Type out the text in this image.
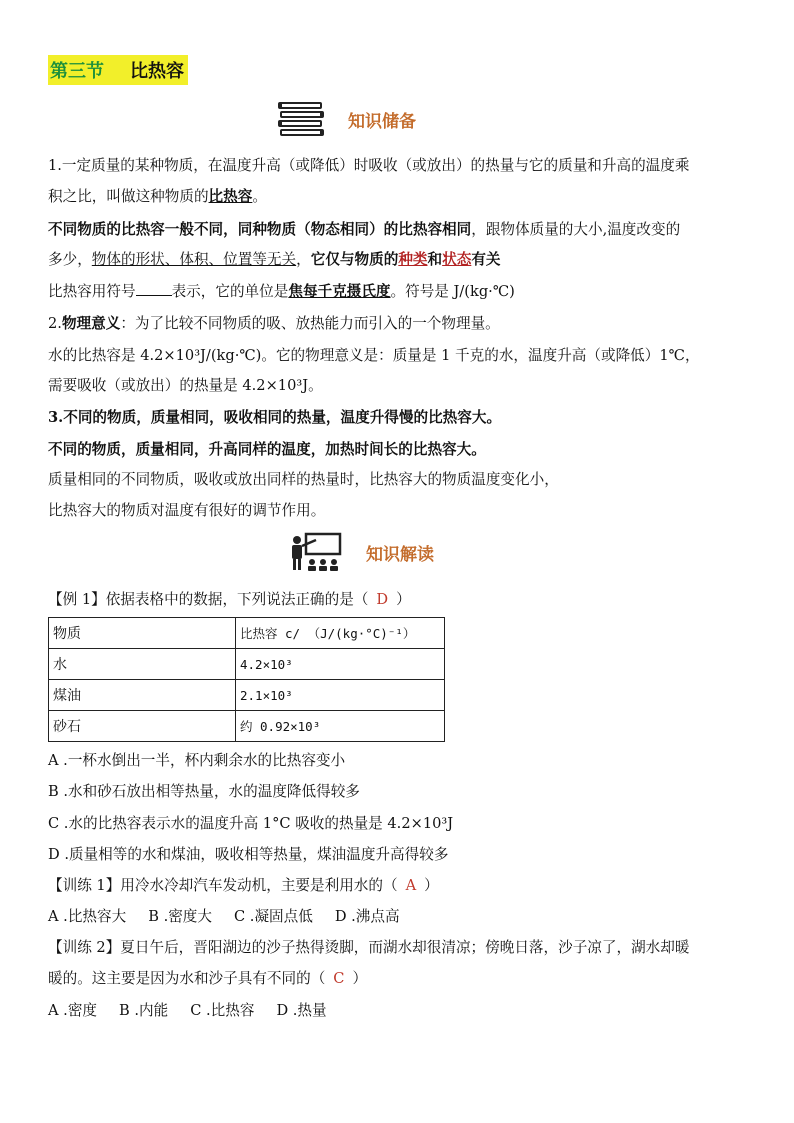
第三节 比热容
知识储备
1.一定质量的某种物质，在温度升高（或降低）时吸收（或放出）的热量与它的质量和升高的温度乘
积之比，叫做这种物质的比热容。
不同物质的比热容一般不同，同种物质（物态相同）的比热容相同，跟物体质量的大小,温度改变的
多少，物体的形状、体积、位置等无关，它仅与物质的种类和状态有关
比热容用符号 表示，它的单位是焦每千克摄氏度。符号是 J/(kg·℃)
2.物理意义：为了比较不同物质的吸、放热能力而引入的一个物理量。
水的比热容是 4.2×10³J/(kg·℃)。它的物理意义是：质量是 1 千克的水，温度升高（或降低）1℃，
需要吸收（或放出）的热量是 4.2×10³J。
3.不同的物质，质量相同，吸收相同的热量，温度升得慢的比热容大。
不同的物质，质量相同，升高同样的温度，加热时间长的比热容大。
质量相同的不同物质，吸收或放出同样的热量时，比热容大的物质温度变化小，
比热容大的物质对温度有很好的调节作用。
知识解读
【例 1】依据表格中的数据，下列说法正确的是（ D ）
物质	比热容 c/ （J/(kg·°C)⁻¹）
水	4.2×10³
煤油	2.1×10³
砂石	约 0.92×10³
A .一杯水倒出一半，杯内剩余水的比热容变小
B .水和砂石放出相等热量，水的温度降低得较多
C .水的比热容表示水的温度升高 1°C 吸收的热量是 4.2×10³J
D .质量相等的水和煤油，吸收相等热量，煤油温度升高得较多
【训练 1】用冷水冷却汽车发动机，主要是利用水的（ A ）
A .比热容大 B .密度大 C .凝固点低 D .沸点高
【训练 2】夏日午后，晋阳湖边的沙子热得烫脚，而湖水却很清凉；傍晚日落，沙子凉了，湖水却暖
暖的。这主要是因为水和沙子具有不同的（ C ）
A .密度 B .内能 C .比热容 D .热量
